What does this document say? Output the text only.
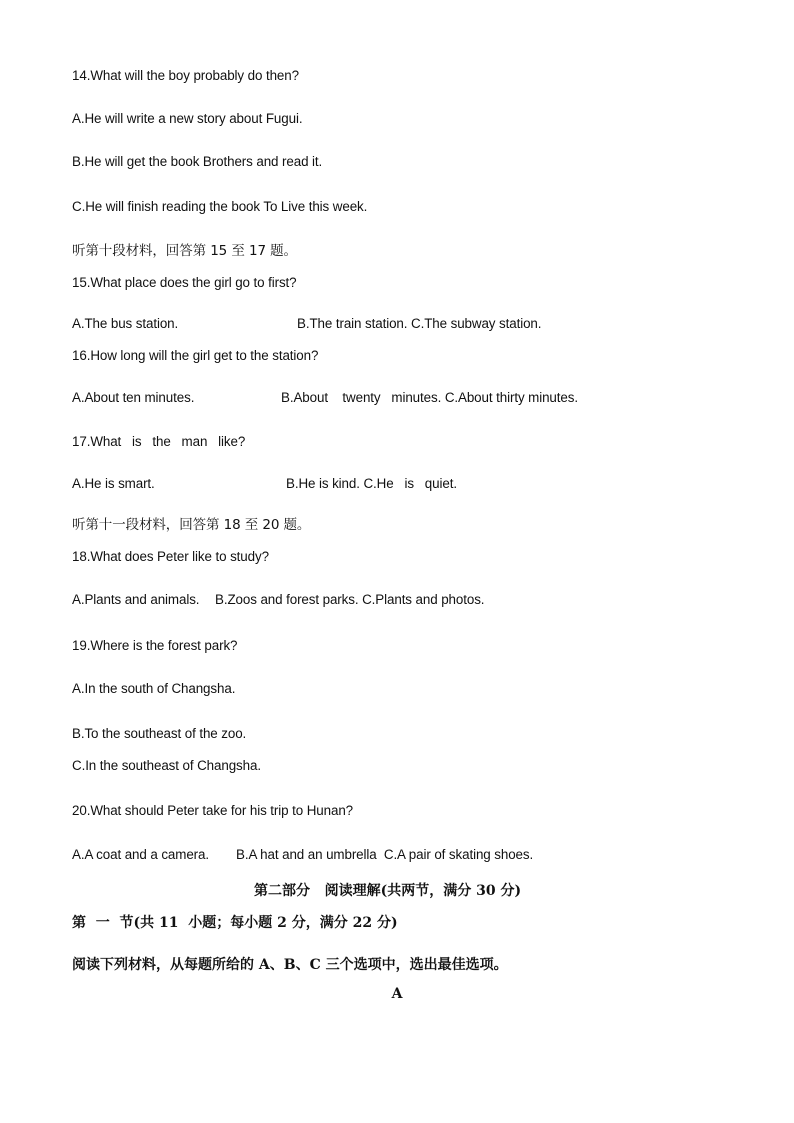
14.What will the boy probably do then?
A.He will write a new story about Fugui.
B.He will get the book Brothers and read it.
C.He will finish reading the book To Live this week.
听第十段材料，回答第 15 至 17 题。
15.What place does the girl go to first?
A.The bus station.	B.The train station. C.The subway station.
16.How long will the girl get to the station?
A.About ten minutes.	B.About    twenty   minutes. C.About thirty minutes.
17.What   is   the   man   like?
A.He is smart.	B.He is kind. C.He   is   quiet.
听第十一段材料，回答第 18 至 20 题。
18.What does Peter like to study?
A.Plants and animals. B.Zoos and forest parks. C.Plants and photos.
19.Where is the forest park?
A.In the south of Changsha.
B.To the southeast of the zoo.
C.In the southeast of Changsha.
20.What should Peter take for his trip to Hunan?
A.A coat and a camera. B.A hat and an umbrella  C.A pair of skating shoes.
第二部分   阅读理解(共两节，满分 30 分)
第  一  节(共 11  小题；每小题 2 分，满分 22 分)
阅读下列材料，从每题所给的 A、B、C 三个选项中，选出最佳选项。
A
